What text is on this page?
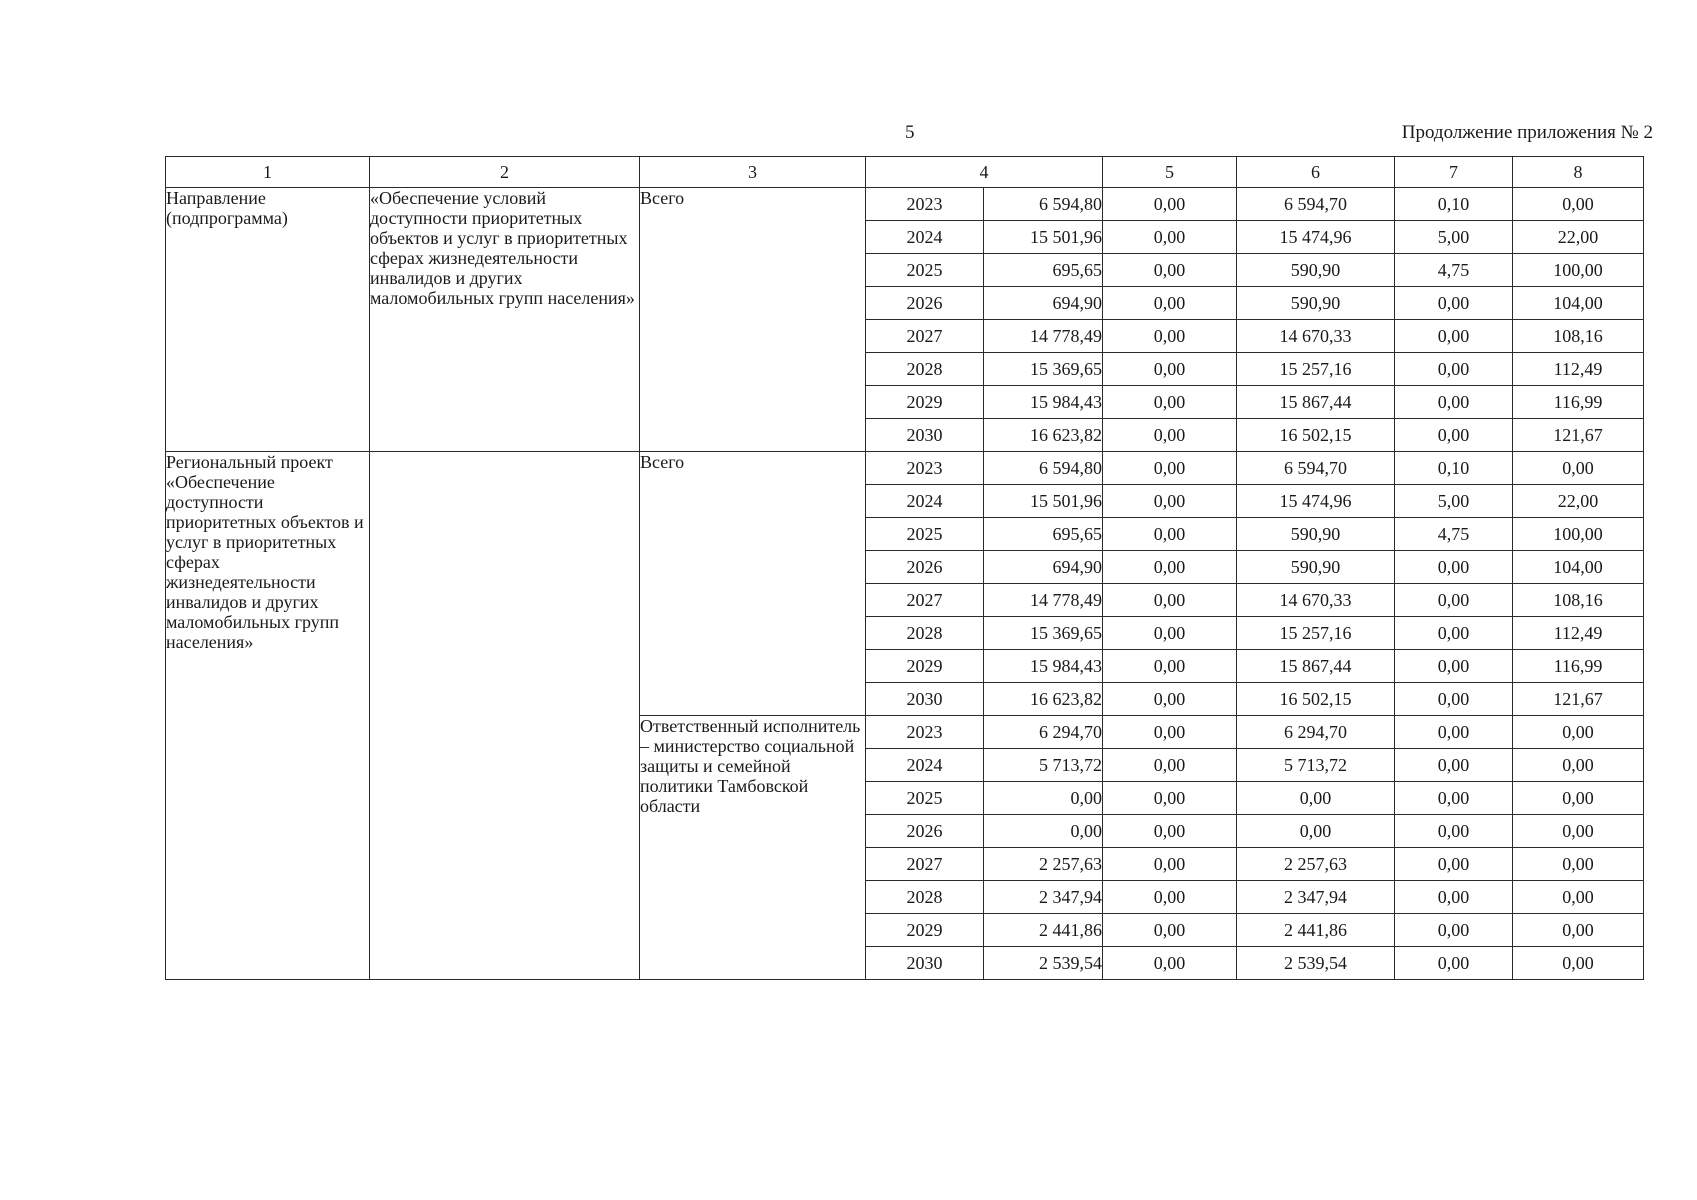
5	Продолжение приложения № 2
1	2	3	4		5	6	7	8
Направление (подпрограмма)	«Обеспечение условий доступности приоритетных объектов и услуг в приоритетных сферах жизнедеятельности инвалидов и других маломобильных групп населения»	Всего	2023	6 594,80	0,00	6 594,70	0,10	0,00
			2024	15 501,96	0,00	15 474,96	5,00	22,00
			2025	695,65	0,00	590,90	4,75	100,00
			2026	694,90	0,00	590,90	0,00	104,00
			2027	14 778,49	0,00	14 670,33	0,00	108,16
			2028	15 369,65	0,00	15 257,16	0,00	112,49
			2029	15 984,43	0,00	15 867,44	0,00	116,99
			2030	16 623,82	0,00	16 502,15	0,00	121,67
Региональный проект «Обеспечение доступности приоритетных объектов и услуг в приоритетных сферах жизнедеятельности инвалидов и других маломобильных групп населения»		Всего	2023	6 594,80	0,00	6 594,70	0,10	0,00
			2024	15 501,96	0,00	15 474,96	5,00	22,00
			2025	695,65	0,00	590,90	4,75	100,00
			2026	694,90	0,00	590,90	0,00	104,00
			2027	14 778,49	0,00	14 670,33	0,00	108,16
			2028	15 369,65	0,00	15 257,16	0,00	112,49
			2029	15 984,43	0,00	15 867,44	0,00	116,99
			2030	16 623,82	0,00	16 502,15	0,00	121,67
		Ответственный исполнитель – министерство социальной защиты и семейной политики Тамбовской области	2023	6 294,70	0,00	6 294,70	0,00	0,00
			2024	5 713,72	0,00	5 713,72	0,00	0,00
			2025	0,00	0,00	0,00	0,00	0,00
			2026	0,00	0,00	0,00	0,00	0,00
			2027	2 257,63	0,00	2 257,63	0,00	0,00
			2028	2 347,94	0,00	2 347,94	0,00	0,00
			2029	2 441,86	0,00	2 441,86	0,00	0,00
			2030	2 539,54	0,00	2 539,54	0,00	0,00
